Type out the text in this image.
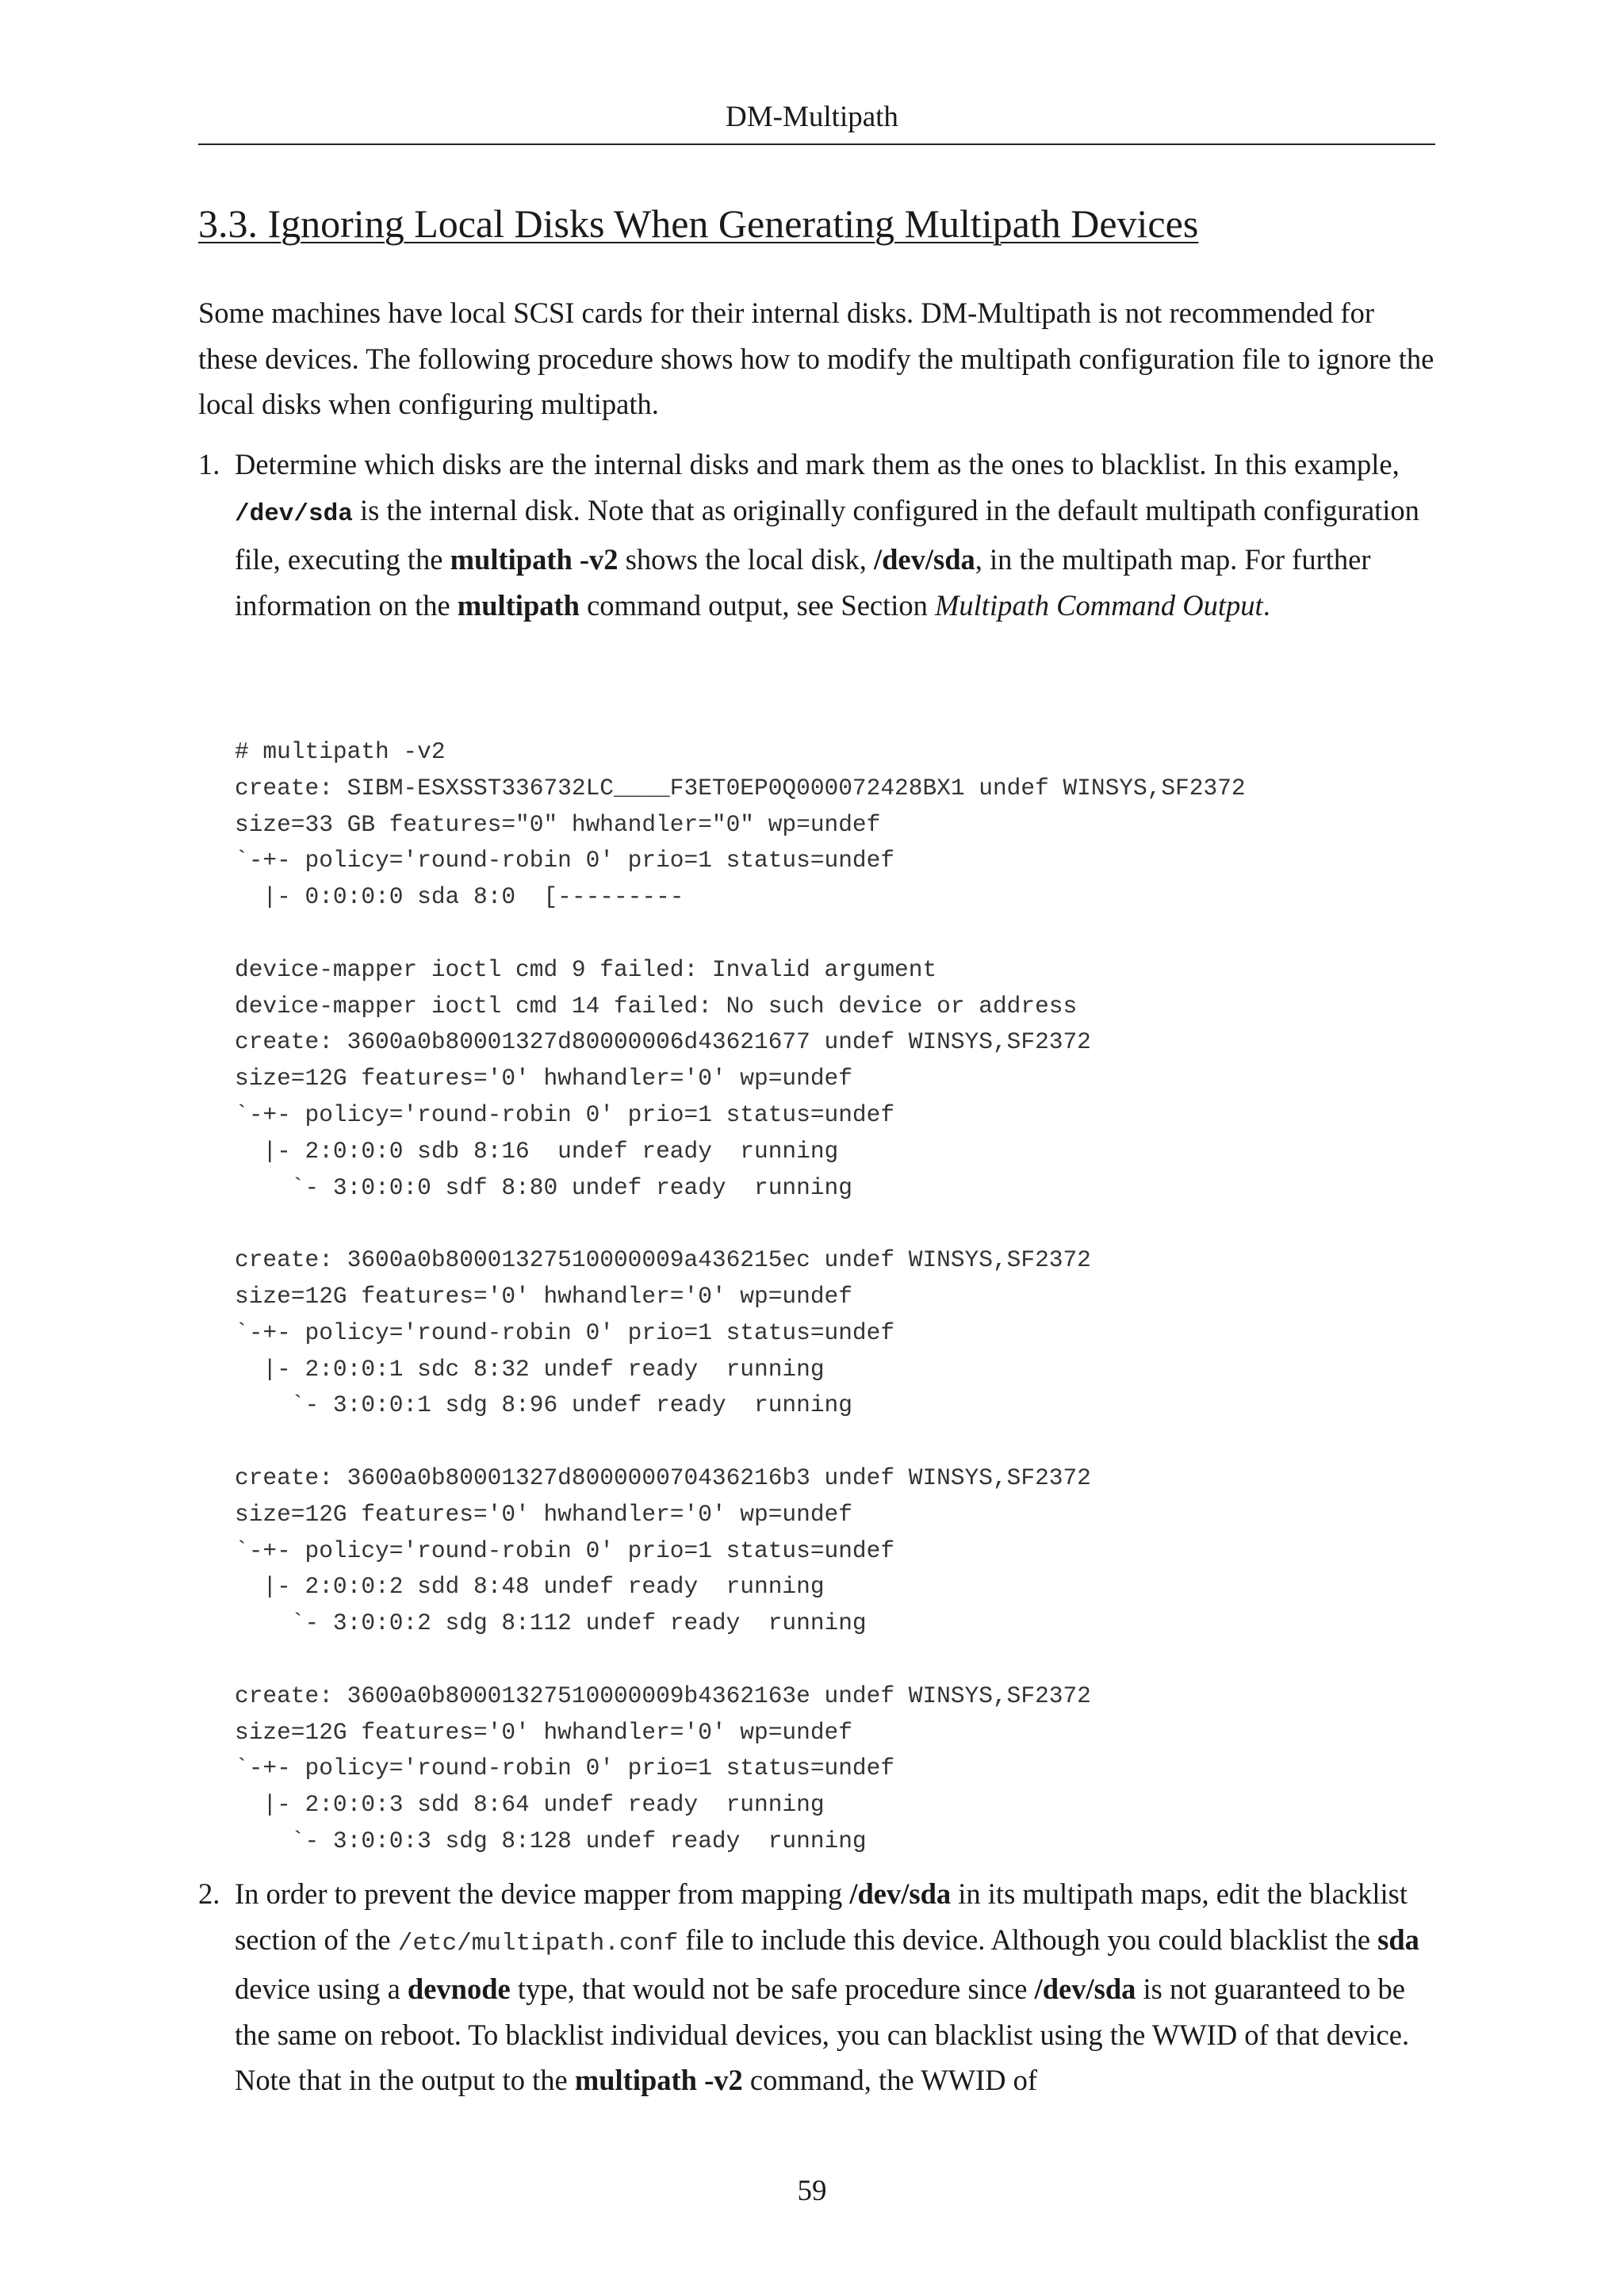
DM-Multipath
3.3. Ignoring Local Disks When Generating Multipath Devices

Some machines have local SCSI cards for their internal disks. DM-Multipath is not recommended for these devices. The following procedure shows how to modify the multipath configuration file to ignore the local disks when configuring multipath.

1. Determine which disks are the internal disks and mark them as the ones to blacklist. In this example, /dev/sda is the internal disk. Note that as originally configured in the default multipath configuration file, executing the multipath -v2 shows the local disk, /dev/sda, in the multipath map. For further information on the multipath command output, see Section Multipath Command Output.
# multipath -v2
create: SIBM-ESXSST336732LC____F3ET0EP0Q000072428BX1 undef WINSYS,SF2372
size=33 GB features="0" hwhandler="0" wp=undef
`-+- policy='round-robin 0' prio=1 status=undef
|- 0:0:0:0 sda 8:0  [---------

device-mapper ioctl cmd 9 failed: Invalid argument
device-mapper ioctl cmd 14 failed: No such device or address
create: 3600a0b80001327d80000006d43621677 undef WINSYS,SF2372
size=12G features='0' hwhandler='0' wp=undef
`-+- policy='round-robin 0' prio=1 status=undef
|- 2:0:0:0 sdb 8:16  undef ready  running
`- 3:0:0:0 sdf 8:80 undef ready  running

create: 3600a0b80001327510000009a436215ec undef WINSYS,SF2372
size=12G features='0' hwhandler='0' wp=undef
`-+- policy='round-robin 0' prio=1 status=undef
|- 2:0:0:1 sdc 8:32 undef ready  running
`- 3:0:0:1 sdg 8:96 undef ready  running

create: 3600a0b80001327d800000070436216b3 undef WINSYS,SF2372
size=12G features='0' hwhandler='0' wp=undef
`-+- policy='round-robin 0' prio=1 status=undef
|- 2:0:0:2 sdd 8:48 undef ready  running
`- 3:0:0:2 sdg 8:112 undef ready  running

create: 3600a0b80001327510000009b4362163e undef WINSYS,SF2372
size=12G features='0' hwhandler='0' wp=undef
`-+- policy='round-robin 0' prio=1 status=undef
|- 2:0:0:3 sdd 8:64 undef ready  running
`- 3:0:0:3 sdg 8:128 undef ready  running
2. In order to prevent the device mapper from mapping /dev/sda in its multipath maps, edit the blacklist section of the /etc/multipath.conf file to include this device. Although you could blacklist the sda device using a devnode type, that would not be safe procedure since /dev/sda is not guaranteed to be the same on reboot. To blacklist individual devices, you can blacklist using the WWID of that device. Note that in the output to the multipath -v2 command, the WWID of
59
